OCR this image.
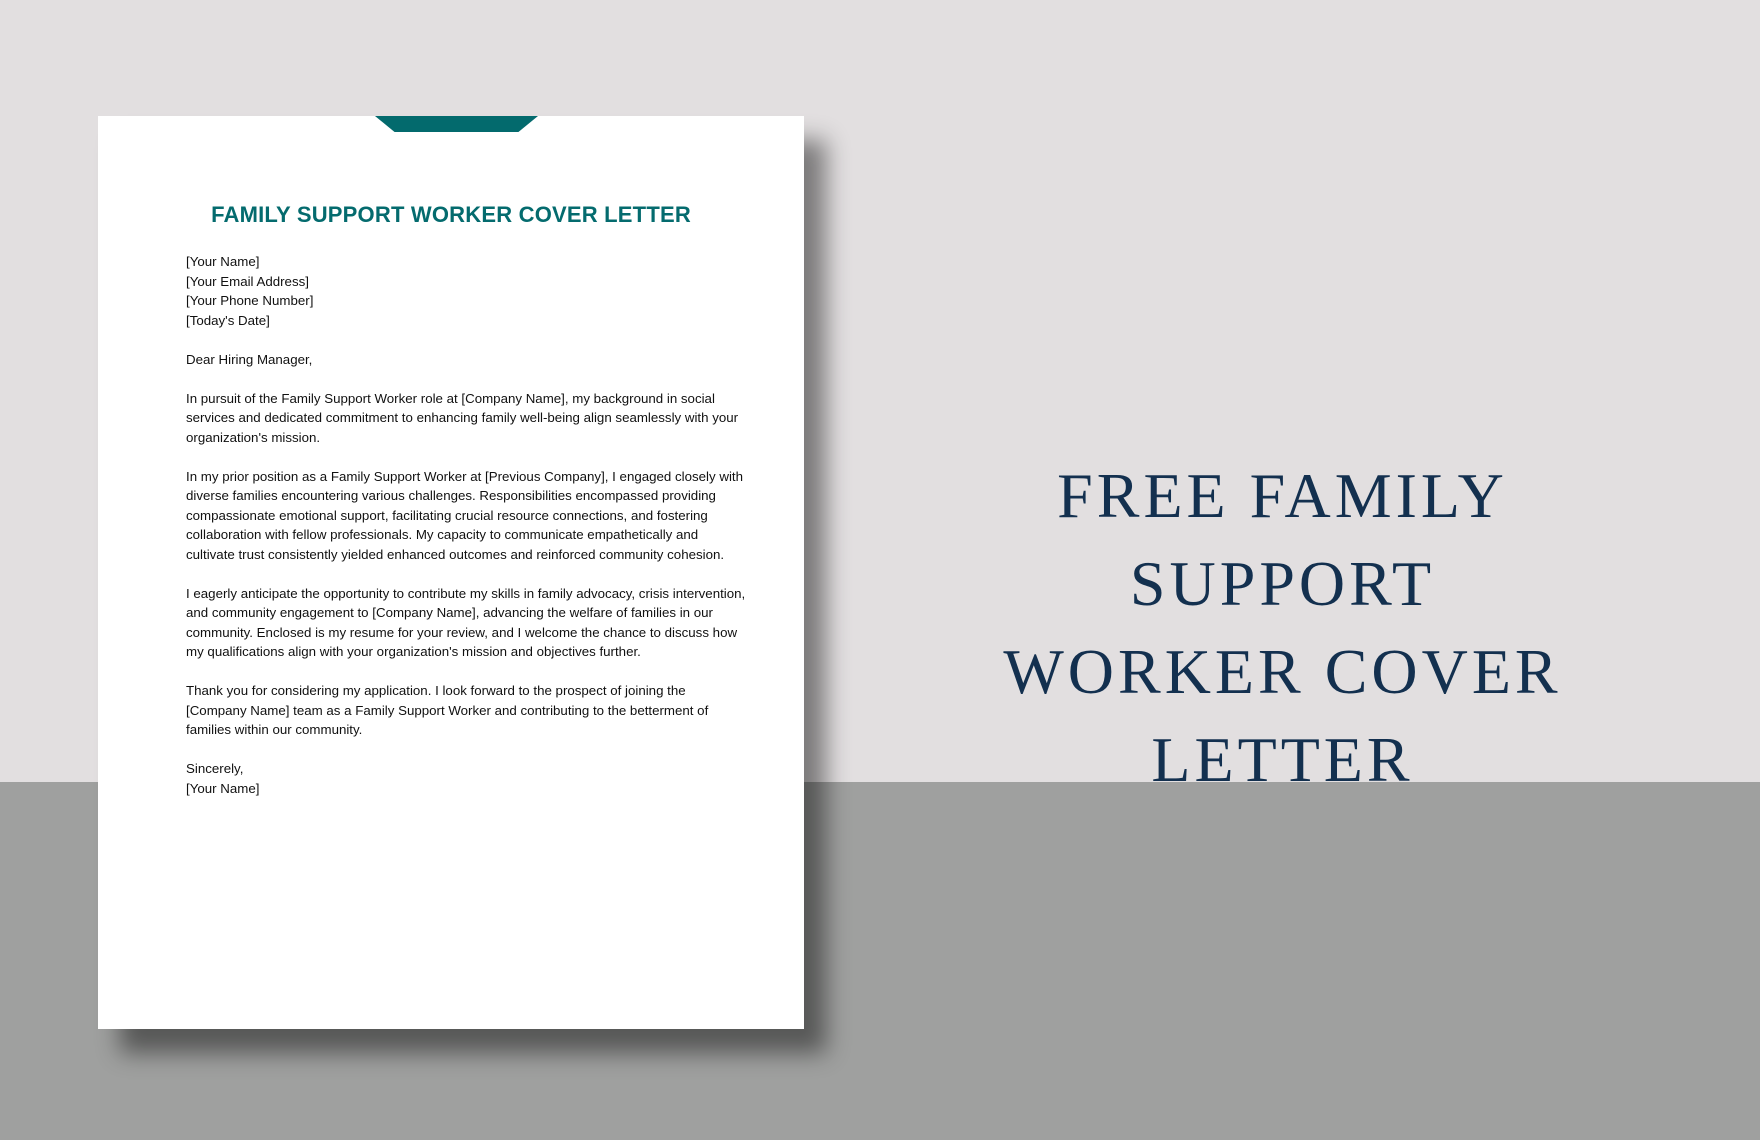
FAMILY SUPPORT WORKER COVER LETTER

[Your Name]
[Your Email Address]
[Your Phone Number]
[Today's Date]

Dear Hiring Manager,

In pursuit of the Family Support Worker role at [Company Name], my background in social services and dedicated commitment to enhancing family well-being align seamlessly with your organization's mission.

In my prior position as a Family Support Worker at [Previous Company], I engaged closely with diverse families encountering various challenges. Responsibilities encompassed providing compassionate emotional support, facilitating crucial resource connections, and fostering collaboration with fellow professionals. My capacity to communicate empathetically and cultivate trust consistently yielded enhanced outcomes and reinforced community cohesion.

I eagerly anticipate the opportunity to contribute my skills in family advocacy, crisis intervention, and community engagement to [Company Name], advancing the welfare of families in our community. Enclosed is my resume for your review, and I welcome the chance to discuss how my qualifications align with your organization's mission and objectives further.

Thank you for considering my application. I look forward to the prospect of joining the [Company Name] team as a Family Support Worker and contributing to the betterment of families within our community.

Sincerely,
[Your Name]

FREE FAMILY SUPPORT
WORKER COVER
LETTER
